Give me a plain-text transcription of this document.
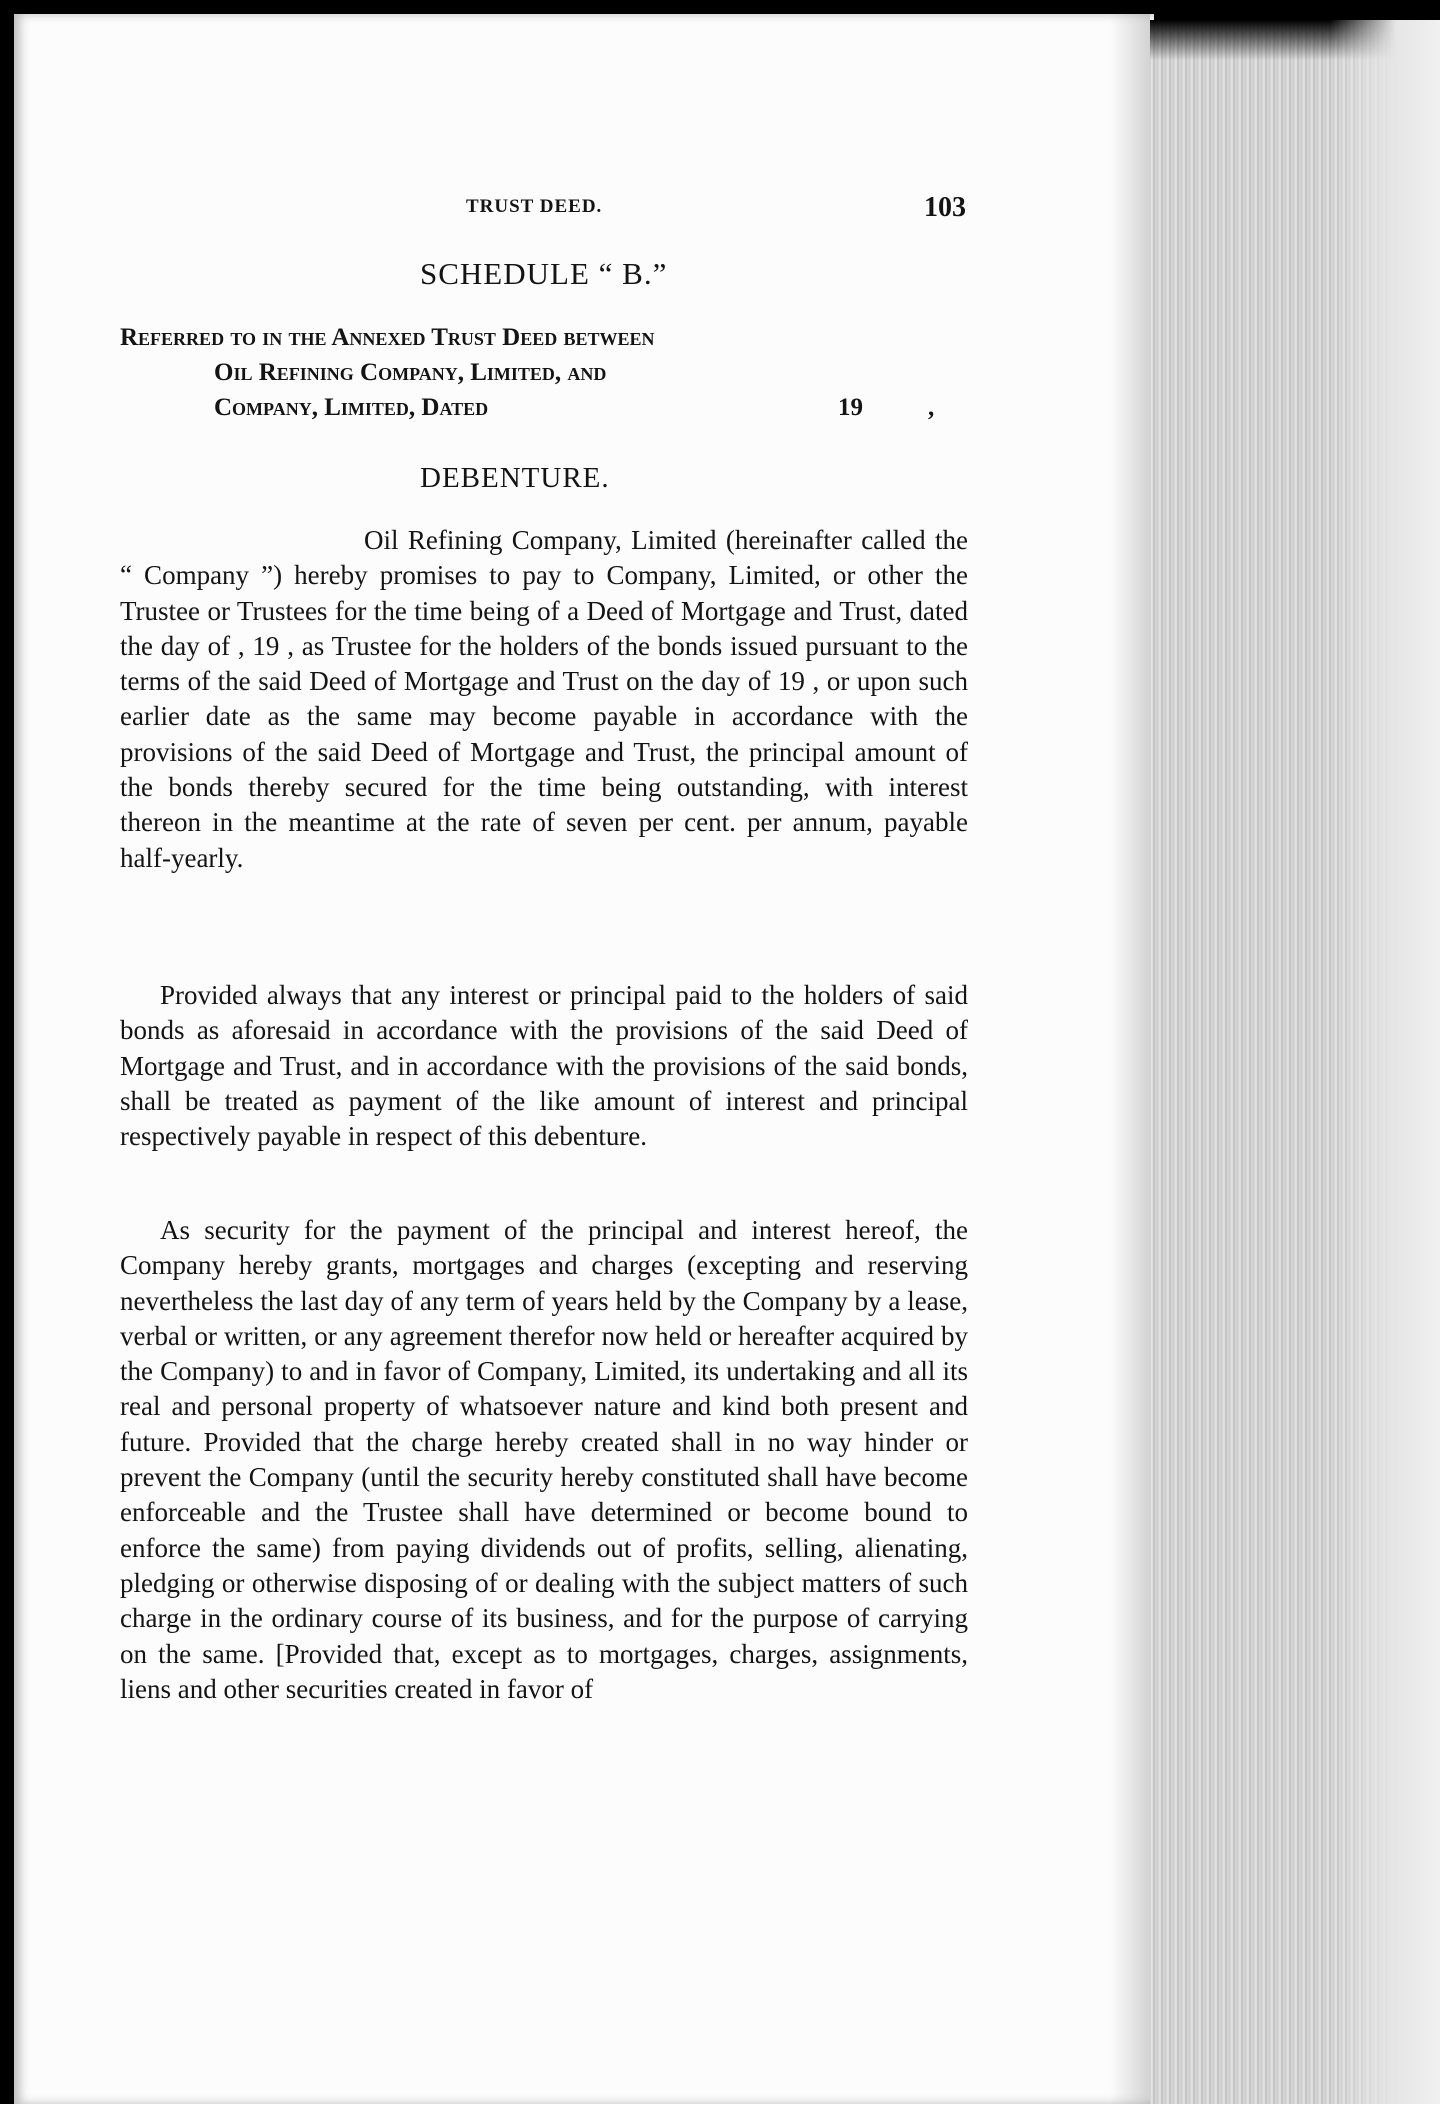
TRUST DEED.	103
SCHEDULE “ B.”
Referred to in the Annexed Trust Deed between
Oil Refining Company, Limited, and
Company, Limited, Dated	19	,
DEBENTURE.

Oil Refining Company, Limited (hereinafter called the “ Company ”) hereby promises to pay to Company, Limited, or other the Trustee or Trustees for the time being of a Deed of Mortgage and Trust, dated the day of , 19 , as Trustee for the holders of the bonds issued pursuant to the terms of the said Deed of Mortgage and Trust on the day of 19 , or upon such earlier date as the same may become payable in accordance with the provisions of the said Deed of Mortgage and Trust, the principal amount of the bonds thereby secured for the time being outstanding, with interest thereon in the meantime at the rate of seven per cent. per annum, payable half-yearly.

Provided always that any interest or principal paid to the holders of said bonds as aforesaid in accordance with the provisions of the said Deed of Mortgage and Trust, and in accordance with the provisions of the said bonds, shall be treated as payment of the like amount of interest and principal respectively payable in respect of this debenture.

As security for the payment of the principal and interest hereof, the Company hereby grants, mortgages and charges (excepting and reserving nevertheless the last day of any term of years held by the Company by a lease, verbal or written, or any agreement therefor now held or hereafter acquired by the Company) to and in favor of Company, Limited, its undertaking and all its real and personal property of whatsoever nature and kind both present and future. Provided that the charge hereby created shall in no way hinder or prevent the Company (until the security hereby constituted shall have become enforceable and the Trustee shall have determined or become bound to enforce the same) from paying dividends out of profits, selling, alienating, pledging or otherwise disposing of or dealing with the subject matters of such charge in the ordinary course of its business, and for the purpose of carrying on the same. [Provided that, except as to mortgages, charges, assignments, liens and other securities created in favor of
